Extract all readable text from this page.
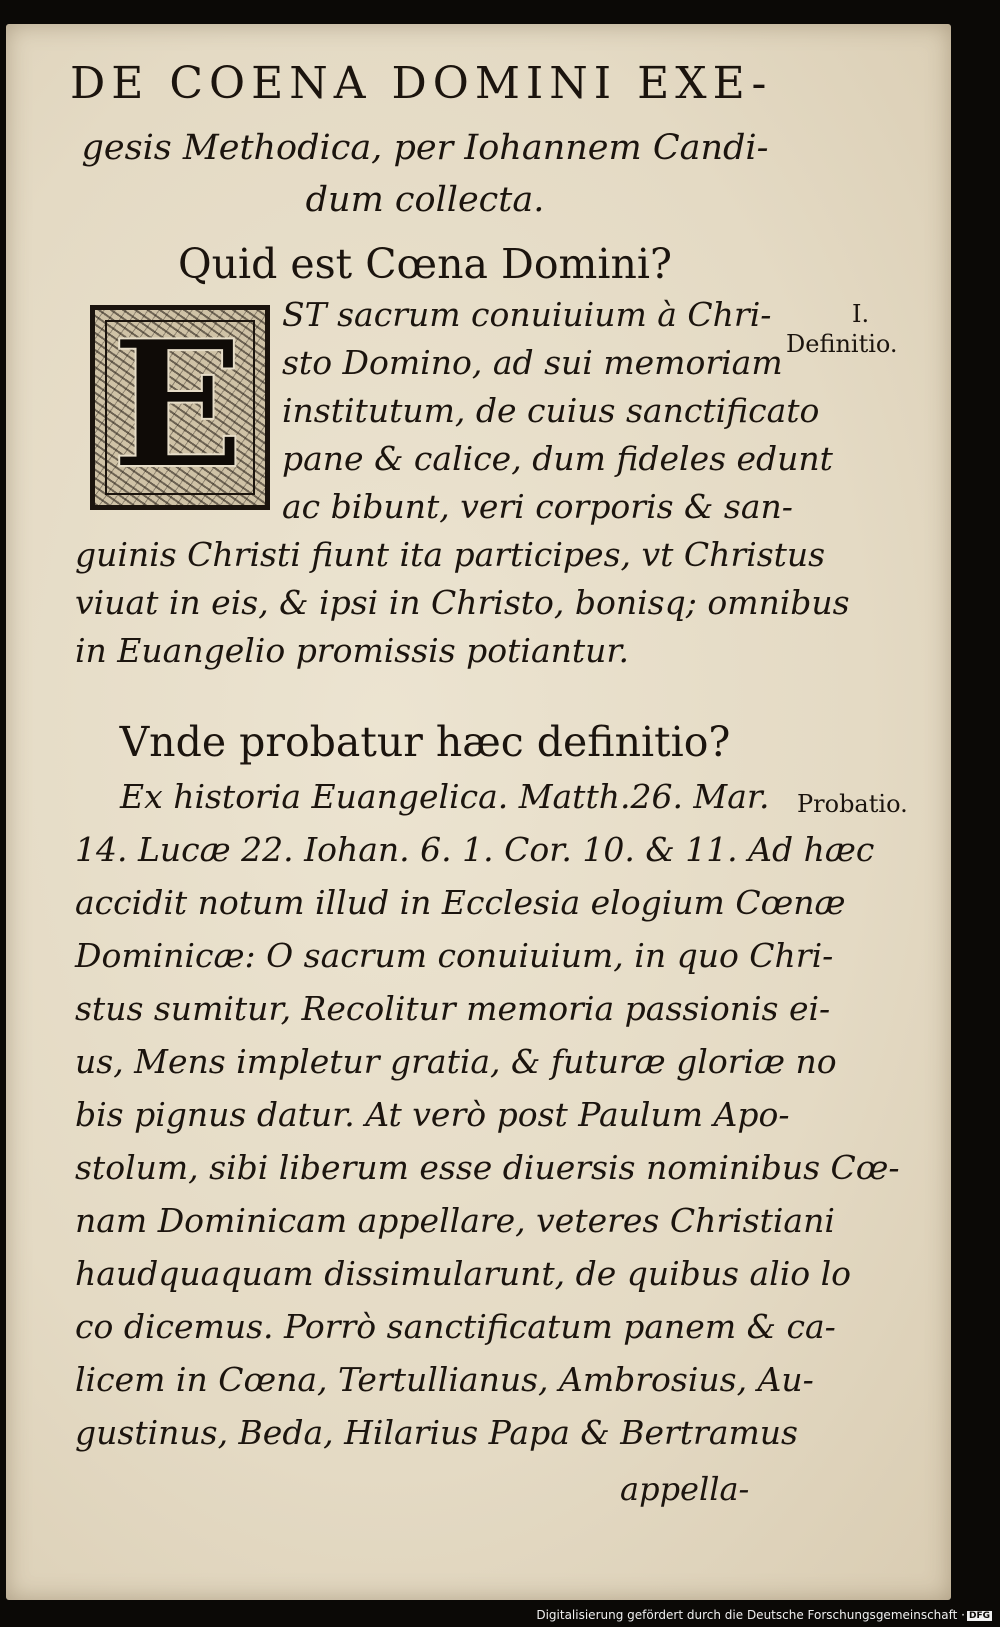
DE COENA DOMINI EXE-
gesis Methodica, per Iohannem Candi-
dum collecta.
Quid est Cœna Domini?
E ST sacrum conuiuium à Chri-
sto Domino, ad sui memoriam
institutum, de cuius sanctificato
pane & calice, dum fideles edunt
ac bibunt, veri corporis & san-
guinis Christi fiunt ita participes, vt Christus
viuat in eis, & ipsi in Christo, bonisq; omnibus
in Euangelio promissis potiantur.
Vnde probatur hæc definitio?
Ex historia Euangelica. Matth.26. Mar.
14. Lucæ 22. Iohan. 6. 1. Cor. 10. & 11. Ad hæc
accidit notum illud in Ecclesia elogium Cœnæ
Dominicæ: O sacrum conuiuium, in quo Chri-
stus sumitur, Recolitur memoria passionis ei-
us, Mens impletur gratia, & futuræ gloriæ no
bis pignus datur. At verò post Paulum Apo-
stolum, sibi liberum esse diuersis nominibus Cœ-
nam Dominicam appellare, veteres Christiani
haudquaquam dissimularunt, de quibus alio lo
co dicemus. Porrò sanctificatum panem & ca-
licem in Cœna, Tertullianus, Ambrosius, Au-
gustinus, Beda, Hilarius Papa & Bertramus
appella-
I.
Definitio.
Probatio.
Digitalisierung gefördert durch die Deutsche Forschungsgemeinschaft · DFG
